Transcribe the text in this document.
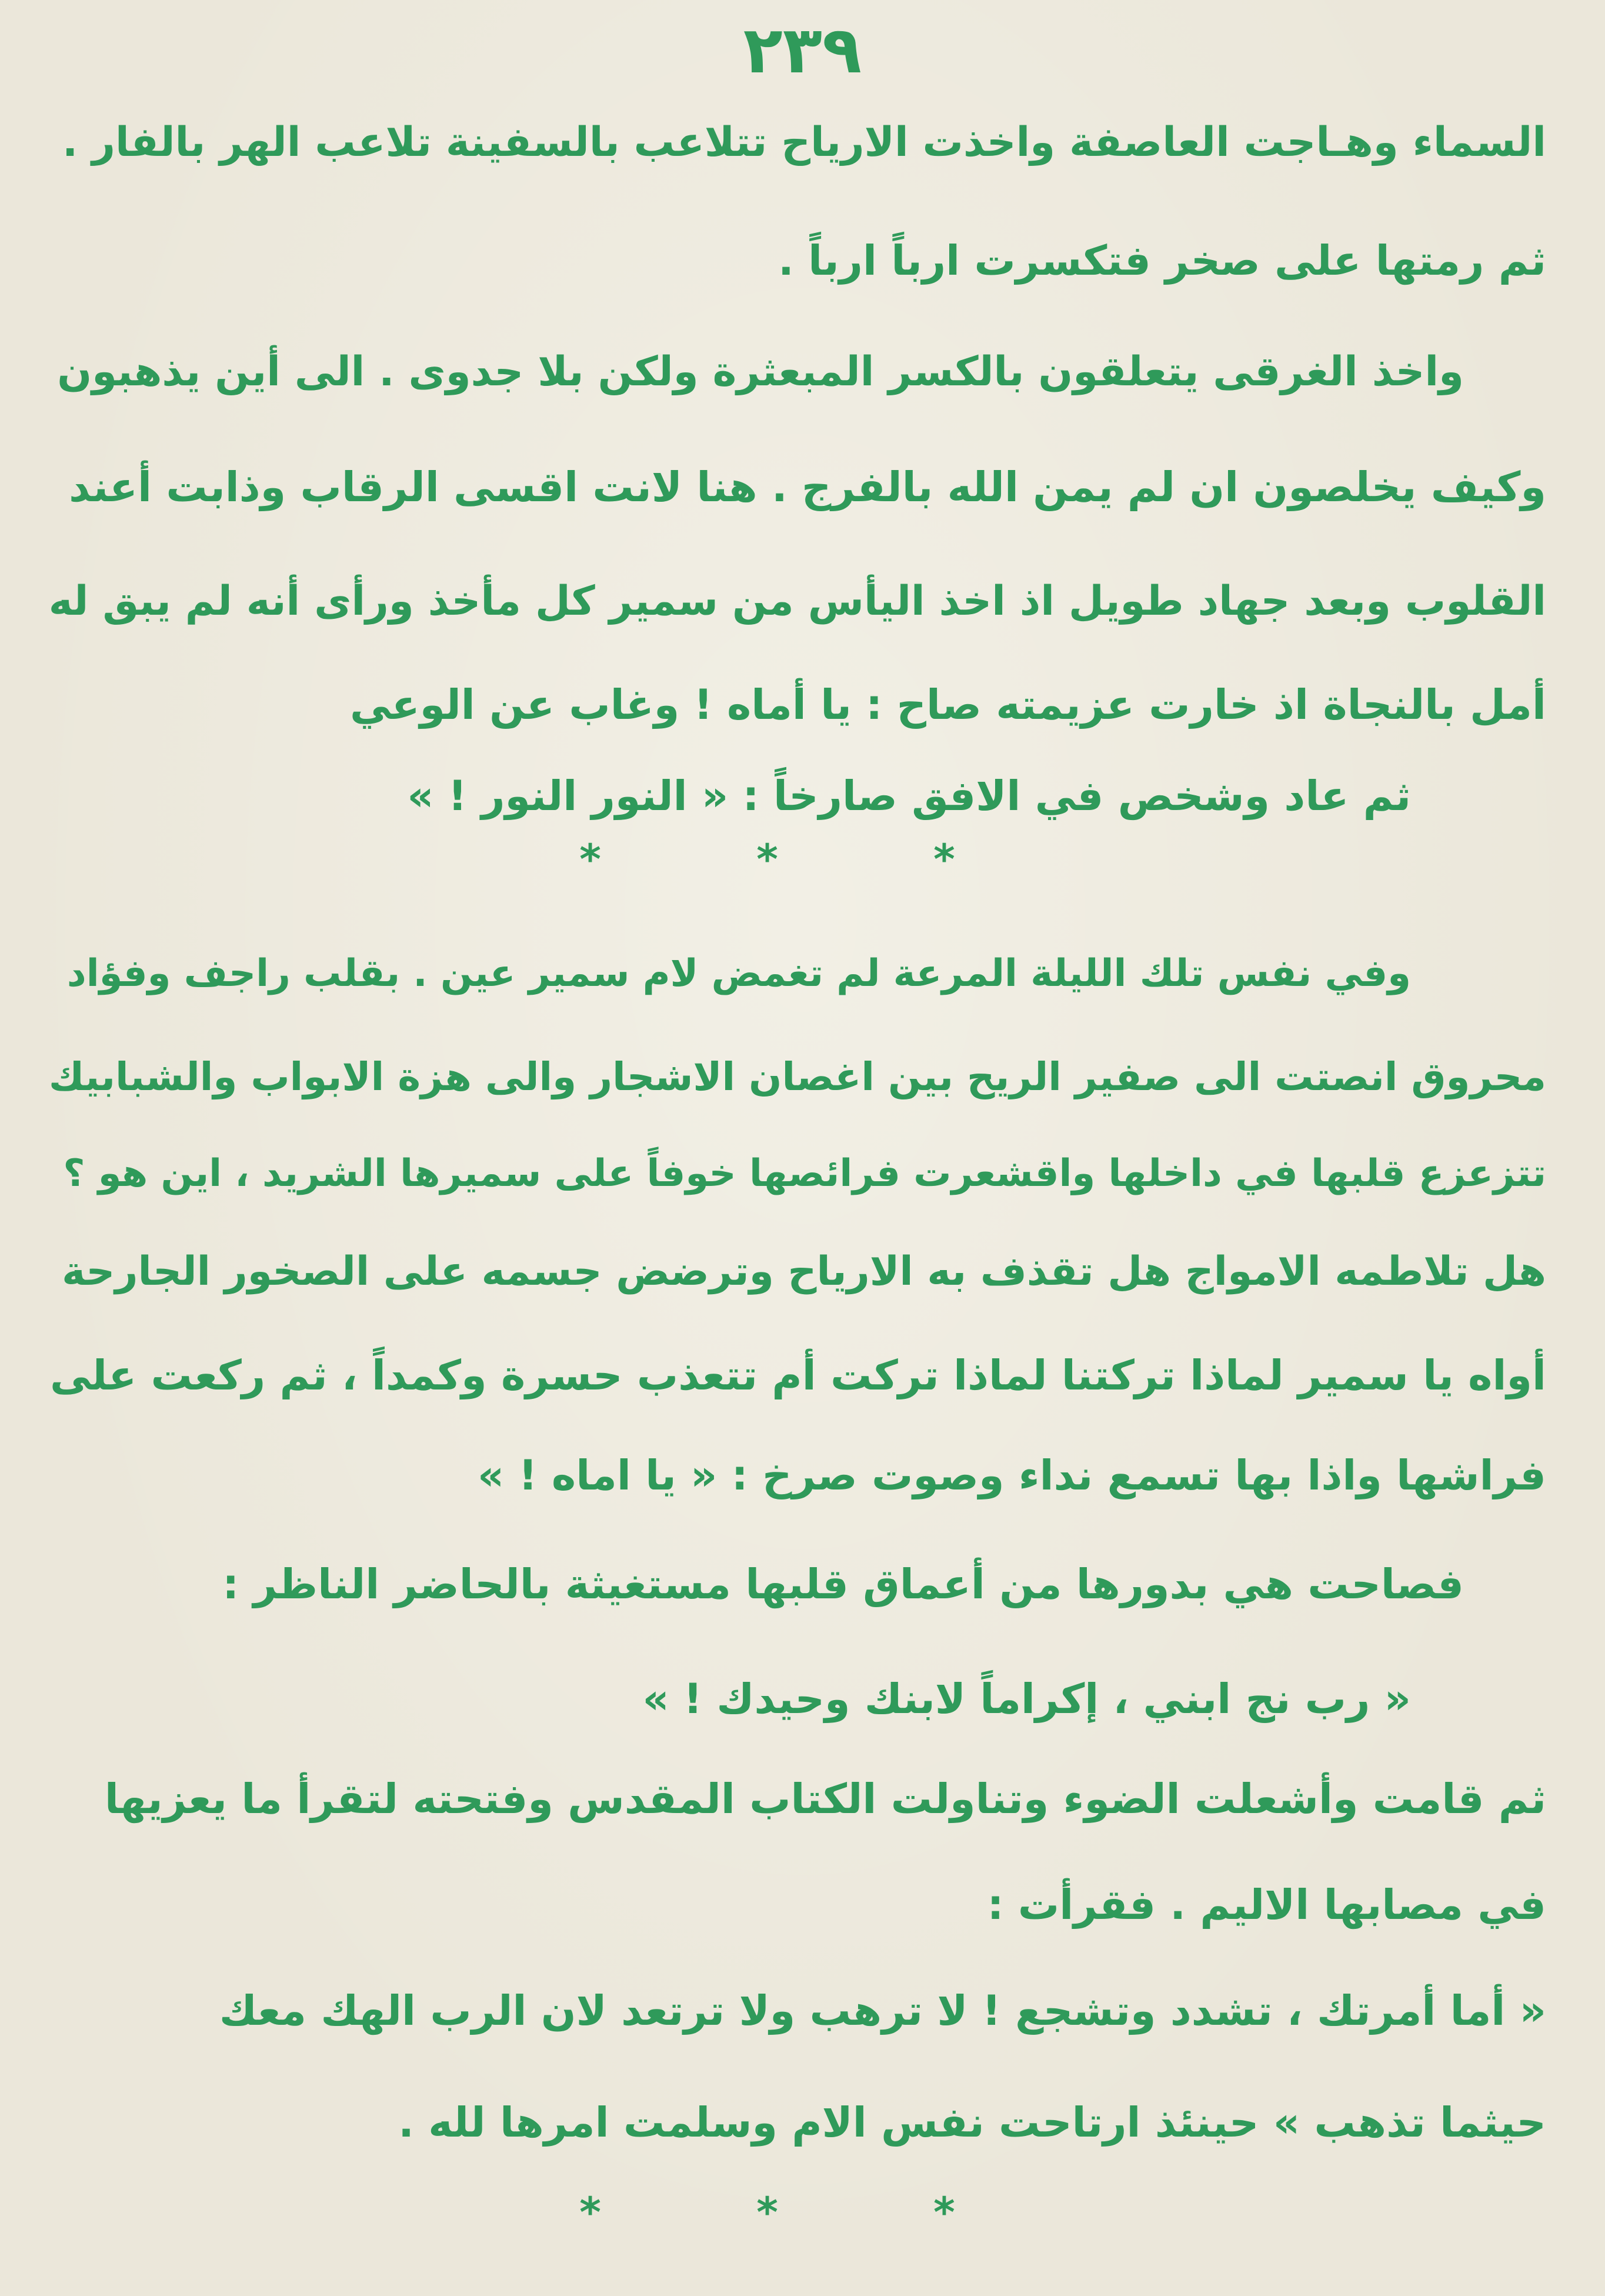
٢٣٩
السماء وهـاجت العاصفة واخذت الارياح تتلاعب بالسفينة تلاعب الهر بالفار .
ثم رمتها على صخر فتكسرت ارباً ارباً .
واخذ الغرقى يتعلقون بالكسر المبعثرة ولكن بلا جدوى . الى أين يذهبون
وكيف يخلصون ان لم يمن الله بالفرج . هنا لانت اقسى الرقاب وذابت أعند
القلوب وبعد جهاد طويل اذ اخذ اليأس من سمير كل مأخذ ورأى أنه لم يبق له
أمل بالنجاة اذ خارت عزيمته صاح : يا أماه ! وغاب عن الوعي
ثم عاد وشخص في الافق صارخاً : « النور النور ! »
* * *
وفي نفس تلك الليلة المرعة لم تغمض لام سمير عين . بقلب راجف وفؤاد
محروق انصتت الى صفير الريح بين اغصان الاشجار والى هزة الابواب والشبابيك
تتزعزع قلبها في داخلها واقشعرت فرائصها خوفاً على سميرها الشريد ، اين هو ؟
هل تلاطمه الامواج هل تقذف به الارياح وترضض جسمه على الصخور الجارحة
أواه يا سمير لماذا تركتنا لماذا تركت أم تتعذب حسرة وكمداً ، ثم ركعت على
فراشها واذا بها تسمع نداء وصوت صرخ : « يا اماه ! »
فصاحت هي بدورها من أعماق قلبها مستغيثة بالحاضر الناظر :
« رب نج ابني ، إكراماً لابنك وحيدك ! »
ثم قامت وأشعلت الضوء وتناولت الكتاب المقدس وفتحته لتقرأ ما يعزيها
في مصابها الاليم . فقرأت :
« أما أمرتك ، تشدد وتشجع ! لا ترهب ولا ترتعد لان الرب الهك معك
حيثما تذهب » حينئذ ارتاحت نفس الام وسلمت امرها لله .
* * *
